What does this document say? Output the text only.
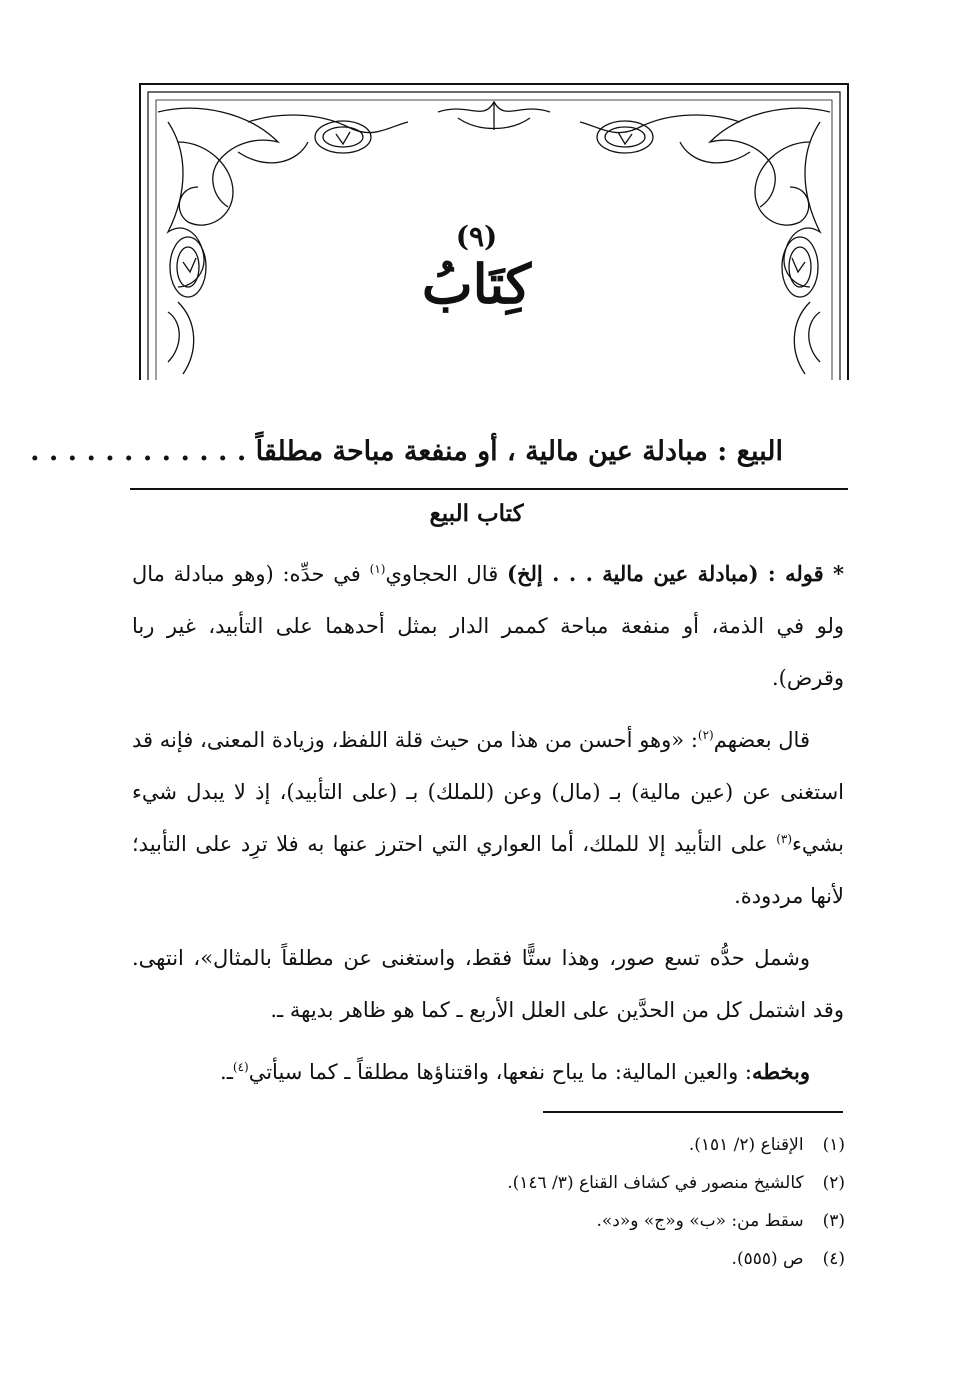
(٩)
كِتَابُ
البيع : مبادلة عين مالية ، أو منفعة مباحة مطلقاً . . . . . . . . . . . .
كتاب البيع

* قوله : (مبادلة عين مالية . . . إلخ) قال الحجاوي$^{(١)}$ في حدِّه: (وهو مبادلة مال ولو في الذمة، أو منفعة مباحة كممر الدار بمثل أحدهما على التأبيد، غير ربا وقرض).

قال بعضهم$^{(٢)}$: «وهو أحسن من هذا من حيث قلة اللفظ، وزيادة المعنى، فإنه قد استغنى عن (عين مالية) بـ (مال) وعن (للملك) بـ (على التأبيد)، إذ لا يبدل شيء بشيء$^{(٣)}$ على التأبيد إلا للملك، أما العواري التي احترز عنها به فلا ترِد على التأبيد؛ لأنها مردودة.

وشمل حدُّه تسع صور، وهذا ستًّا فقط، واستغنى عن مطلقاً بالمثال»، انتهى. وقد اشتمل كل من الحدَّين على العلل الأربع ـ كما هو ظاهر بديهة ـ.

وبخطه: والعين المالية: ما يباح نفعها، واقتناؤها مطلقاً ـ كما سيأتي$^{(٤)}$ـ.

(١) الإقناع (٢/ ١٥١).
(٢) كالشيخ منصور في كشاف القناع (٣/ ١٤٦).
(٣) سقط من: «ب» و«ج» و«د».
(٤) ص (٥٥٥).
